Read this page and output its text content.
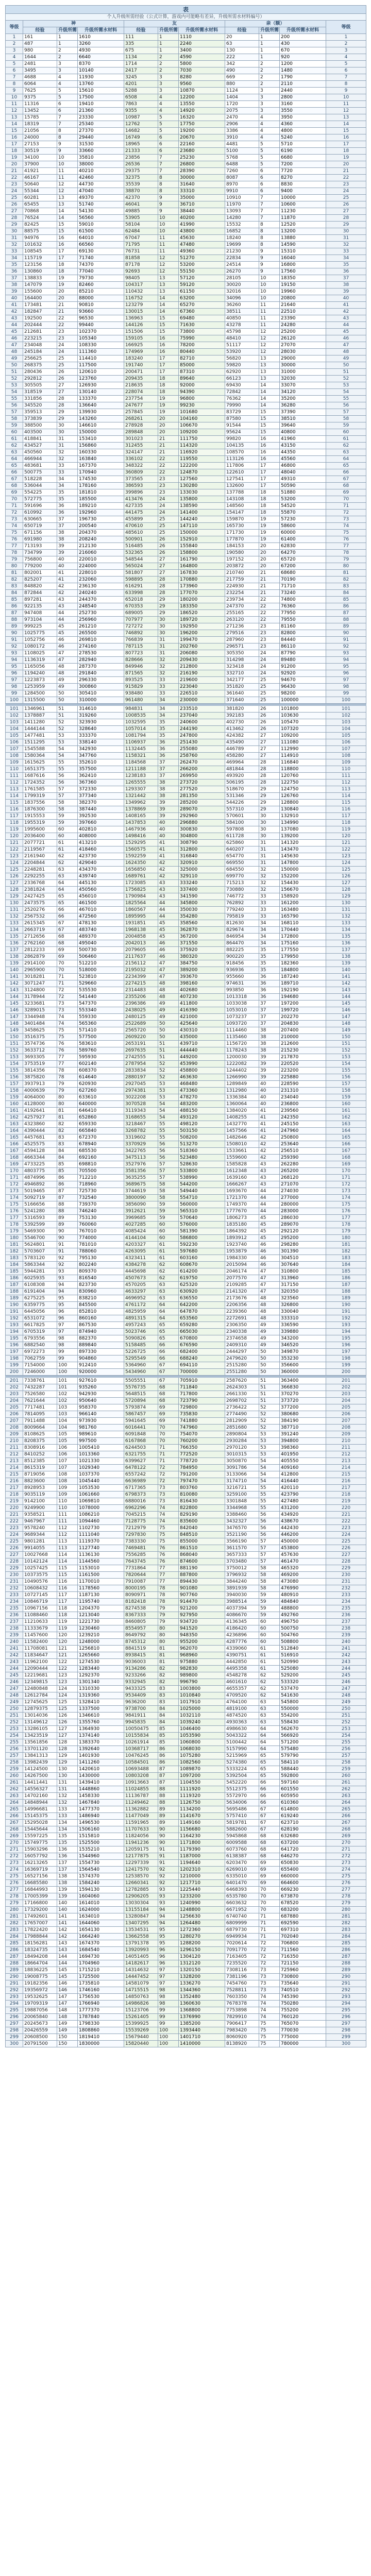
表										
个人升级所需经验（公式计算，游戏内可能略有差异，升级所需水材料编号）										
等级	神			友			亲（额）			等级
	经验	升级所需	升级所需水材料	经验	升级所需	升级所需水材料	经验	升级所需	升级所需水材料	
1	161	1	1610	111	1	1110	20	1	200	1
2	487	1	3260	335	1	2240	63	1	430	2
3	980	2	4930	675	1	3400	130	1	670	3
4	1644	2	6640	1134	2	4590	222	1	920	4
5	2481	3	8370	1714	2	5800	342	2	1200	5
6	3495	3	10140	2417	2	7030	490	2	1480	6
7	4688	4	11930	3245	3	8280	669	2	1790	7
8	6064	4	13760	4201	3	9560	880	2	2110	8
9	7625	5	15610	5288	3	10870	1124	3	2440	9
10	9375	5	17500	6508	4	12200	1404	3	2800	10
11	11316	6	19410	7863	4	13550	1720	3	3160	11
12	13452	6	21360	9355	4	14920	2075	3	3550	12
13	15785	7	23330	10987	5	16320	2470	4	3950	13
14	18319	7	25340	12762	5	17750	2906	4	4360	14
15	21056	8	27370	14682	5	19200	3386	4	4800	15
16	24000	8	29440	16749	6	20670	3910	4	5240	16
17	27153	9	31530	18965	6	22160	4481	5	5710	17
18	30519	9	33660	21333	6	23680	5100	5	6190	18
19	34100	10	35810	23856	7	25230	5768	5	6680	19
20	37900	10	38000	26536	7	26800	6488	5	7200	20
21	41921	11	40210	29375	7	28390	7260	6	7720	21
22	46167	11	42460	32375	8	30000	8087	6	8270	22
23	50640	12	44730	35539	8	31640	8970	6	8830	23
24	55344	12	47040	38870	8	33310	9910	6	9400	24
25	60281	13	49370	42370	9	35000	10910	7	10000	25
26	65455	13	51740	46041	9	36710	11970	7	10600	26
27	70868	14	54130	49885	9	38440	13093	7	11230	27
28	76524	14	56560	53905	10	40200	14280	7	11870	28
29	82425	15	59010	58104	10	41990	15532	8	12520	29
30	88575	15	61500	62484	10	43800	16852	8	13200	30
31	94976	16	64010	67047	11	45630	18240	8	13880	31
32	101632	16	66560	71795	11	47480	19699	8	14590	32
33	108545	17	69130	76731	11	49360	21230	9	15310	33
34	115719	17	71740	81858	12	51270	22834	9	16040	34
35	123156	18	74370	87178	12	53200	24514	9	16800	35
36	130860	18	77040	92693	12	55150	26270	9	17560	36
37	138833	19	79730	98405	13	57120	28105	10	18350	37
38	147079	19	82460	104317	13	59120	30020	10	19150	38
39	155600	20	85210	110432	13	61150	32016	10	19960	39
40	164400	20	88000	116752	14	63200	34096	10	20800	40
41	173481	21	90810	123279	14	65270	36260	11	21640	41
42	182847	21	93660	130015	14	67360	38511	11	22510	42
43	192500	22	96530	136963	15	69480	40850	11	23390	43
44	202444	22	99440	144126	15	71630	43278	11	24280	44
45	212681	23	102370	151506	15	73800	45798	12	25200	45
46	223215	23	105340	159105	16	75990	48410	12	26120	46
47	234048	24	108330	166925	16	78200	51117	12	27070	47
48	245184	24	111360	174969	16	80440	53920	12	28030	48
49	256625	25	114410	183240	17	82710	56820	13	29000	49
50	268375	25	117500	191740	17	85000	59820	13	30000	50
51	280436	26	120610	200471	17	87310	62920	13	31000	51
52	292812	26	123760	209435	18	89640	66123	13	32030	52
53	305505	27	126930	218635	18	92000	69430	14	33070	53
54	318519	27	130140	228074	18	94390	72842	14	34120	54
55	331856	28	133370	237754	19	96800	76362	14	35200	55
56	345520	28	136640	247677	19	99230	79990	14	36280	56
57	359513	29	139930	257845	19	101680	83729	15	37390	57
58	373839	29	143260	268261	20	104160	87580	15	38510	58
59	388500	30	146610	278928	20	106670	91544	15	39640	59
60	403500	30	150000	289848	20	109200	95624	15	40800	60
61	418841	31	153410	301023	21	111750	99820	16	41960	61
62	434527	31	156860	312455	21	114320	104135	16	43150	62
63	450560	32	160330	324147	21	116920	108570	16	44350	63
64	466944	32	163840	336102	22	119550	113126	16	45560	64
65	483681	33	167370	348322	22	122200	117806	17	46800	65
66	500775	33	170940	360809	22	124870	122610	17	48040	66
67	518228	34	174530	373565	23	127560	127541	17	49310	67
68	536044	34	178160	386593	23	130280	132600	17	50590	68
69	554225	35	181810	399896	23	133030	137788	18	51880	69
70	572775	35	185500	413476	24	135800	143108	18	53200	70
71	591696	36	189210	427335	24	138590	148560	18	54520	71
72	610992	36	192960	441475	24	141400	154147	18	55870	72
73	630665	37	196730	455899	25	144240	159870	19	57230	73
74	650719	37	200540	470610	25	147110	165730	19	58600	74
75	671156	38	204370	485610	25	150000	171730	19	60000	75
76	691980	38	208240	500901	26	152910	177870	19	61400	76
77	713193	39	212130	516485	26	155840	184153	20	62830	77
78	734799	39	216060	532365	26	158800	190580	20	64270	78
79	756800	40	220010	548544	27	161790	197152	20	65720	79
80	779200	40	224000	565024	27	164800	203872	20	67200	80
81	802001	41	228010	581807	27	167830	210740	21	68680	81
82	825207	41	232060	598895	28	170880	217759	21	70190	82
83	848820	42	236130	616291	28	173960	224930	21	71710	83
84	872844	42	240240	633998	28	177070	232254	21	73240	84
85	897281	43	244370	652018	29	180200	239734	22	74800	85
86	922135	43	248540	670353	29	183350	247370	22	76360	86
87	947408	44	252730	689005	29	186520	255165	22	77950	87
88	973104	44	256960	707977	30	189720	263120	22	79550	88
89	999225	45	261210	727272	30	192950	271236	23	81160	89
90	1025775	45	265500	746892	30	196200	279516	23	82800	90
91	1052756	46	269810	766839	31	199470	287960	23	84440	91
92	1080172	46	274160	787115	31	202760	296571	23	86110	92
93	1108025	47	278530	807723	31	206080	305350	24	87790	93
94	1136319	47	282940	828666	32	209430	314298	24	89480	94
95	1165056	48	287370	849946	32	212800	323418	24	91200	95
96	1194240	48	291840	871565	32	216190	332710	24	92920	96
97	1223873	49	296330	893525	33	219600	342177	25	94670	97
98	1253959	49	300860	915829	33	223040	351820	25	96430	98
99	1284500	50	305410	938480	33	226510	361640	25	98200	99
100	1315500	50	310000	961480	34	230000	371640	25	100000	100

101	1346961	51	314610	984831	34	233510	381820	26	101800	101
102	1378887	51	319260	1008535	34	237040	392183	26	103630	102
103	1411280	52	323930	1032595	35	240600	402730	26	105470	103
104	1444144	52	328640	1057014	35	244190	413462	26	107320	104
105	1477481	53	333370	1081794	35	247800	424382	27	109200	105
106	1511295	53	338140	1106937	36	251430	435490	27	111080	106
107	1545588	54	342930	1132445	36	255080	446789	27	112990	107
108	1580364	54	347760	1158321	36	258760	458280	27	114910	108
109	1615625	55	352610	1184568	37	262470	469964	28	116840	109
110	1651375	55	357500	1211188	37	266200	481844	28	118800	110
111	1687616	56	362410	1238183	37	269950	493920	28	120760	111
112	1724352	56	367360	1265555	38	273720	506195	28	122750	112
113	1761585	57	372330	1293307	38	277520	518670	29	124750	113
114	1799319	57	377340	1321442	38	281350	531346	29	126760	114
115	1837556	58	382370	1349962	39	285200	544226	29	128800	115
116	1876300	58	387440	1378869	39	289070	557310	29	130840	116
117	1915553	59	392530	1408165	39	292960	570601	30	132910	117
118	1955319	59	397660	1437853	40	296880	584100	30	134990	118
119	1995600	60	402810	1467936	40	300830	597808	30	137080	119
120	2036400	60	408000	1498416	40	304800	611728	30	139200	120
121	2077721	61	413210	1529295	41	308790	625860	31	141320	121
122	2119567	61	418460	1560575	41	312800	640207	31	143470	122
123	2161940	62	423730	1592259	41	316840	654770	31	145630	123
124	2204844	62	429040	1624350	42	320910	669550	31	147800	124
125	2248281	63	434370	1656850	42	325000	684550	32	150000	125
126	2292255	63	439740	1689761	42	329110	699770	32	152200	126
127	2336768	64	445130	1723085	43	333240	715213	32	154430	127
128	2381824	64	450560	1756825	43	337400	730880	32	156670	128
129	2427425	65	456010	1790984	43	341590	746772	33	158920	129
130	2473575	65	461500	1825564	44	345800	762892	33	161200	130
131	2520276	66	467010	1860567	44	350030	779240	33	163480	131
132	2567532	66	472560	1895995	44	354280	795819	33	165790	132
133	2615345	67	478130	1931851	45	358560	812630	34	168110	133
134	2663719	67	483740	1968138	45	362870	829674	34	170440	134
135	2712656	68	489370	2004858	45	367200	846954	34	172800	135
136	2762160	68	495040	2042013	46	371550	864470	34	175160	136
137	2812233	69	500730	2079605	46	375920	882225	35	177550	137
138	2862879	69	506460	2117637	46	380320	900220	35	179950	138
139	2914100	70	512210	2156112	47	384750	918456	35	182360	139
140	2965900	70	518000	2195032	47	389200	936936	35	184800	140
141	3018281	71	523810	2234399	47	393670	955660	36	187240	141
142	3071247	71	529660	2274215	48	398160	974631	36	189710	142
143	3124800	72	535530	2314483	48	402680	993850	36	192190	143
144	3178944	72	541440	2355206	48	407230	1013318	36	194680	144
145	3233681	73	547370	2396386	49	411800	1033038	37	197200	145
146	3289015	73	553340	2438025	49	416390	1053010	37	199720	146
147	3344948	74	559330	2480125	49	421000	1073237	37	202270	147
148	3401484	74	565360	2522689	50	425640	1093720	37	204830	148
149	3458625	75	571410	2565720	50	430310	1114460	38	207400	149
150	3516375	75	577500	2609220	50	435000	1135460	38	210000	150
151	3574736	76	583610	2653191	51	439710	1156720	38	212600	151
152	3633712	76	589760	2697635	51	444440	1178243	38	215230	152
153	3693305	77	595930	2742555	51	449200	1200030	39	217870	153
154	3753519	77	602140	2787954	52	453990	1222082	39	220520	154
155	3814356	78	608370	2833834	52	458800	1244402	39	223200	155
156	3875820	78	614640	2880197	52	463630	1266990	39	225880	156
157	3937913	79	620930	2927045	53	468480	1289849	40	228590	157
158	4000639	79	627260	2974381	53	473360	1312980	40	231310	158
159	4064000	80	633610	3022208	53	478270	1336384	40	234040	159
160	4128000	80	640000	3070528	54	483200	1360064	40	236800	160
161	4192641	81	646410	3119343	54	488150	1384020	41	239560	161
162	4257927	81	652860	3168655	54	493120	1408255	41	242350	162
163	4323860	82	659330	3218467	55	498120	1432770	41	245150	163
164	4390444	82	665840	3268782	55	503150	1457566	41	247960	164
165	4457681	83	672370	3319602	55	508200	1482646	42	250800	165
166	4525575	83	678940	3370929	56	513270	1508010	42	253640	166
167	4594128	84	685530	3422765	56	518360	1533661	42	256510	167
168	4663344	84	692160	3475113	56	523480	1559600	42	259390	168
169	4733225	85	698810	3527976	57	528630	1585828	43	262280	169
170	4803775	85	705500	3581356	57	533800	1612348	43	265200	170
171	4874996	86	712210	3635255	57	538990	1639160	43	268120	171
172	4946892	86	718960	3689675	58	544200	1666267	43	271070	172
173	5019465	87	725730	3744619	58	549440	1693670	44	274030	173
174	5092719	87	732540	3800090	58	554710	1721370	44	277000	174
175	5166656	88	739370	3856090	59	560000	1749370	44	280000	175
176	5241280	88	746240	3912621	59	565310	1777670	44	283000	176
177	5316593	89	753130	3969685	59	570640	1806273	45	286030	177
178	5392599	89	760060	4027285	60	576000	1835180	45	289070	178
179	5469300	90	767010	4085424	60	581390	1864392	45	292120	179
180	5546700	90	774000	4144104	60	586800	1893912	45	295200	180
181	5624801	91	781010	4203327	61	592230	1923740	46	298280	181
182	5703607	91	788060	4263095	61	597680	1953879	46	301390	182
183	5783120	92	795130	4323411	61	603160	1984330	46	304510	183
184	5863344	92	802240	4384278	62	608670	2015094	46	307640	184
185	5944281	93	809370	4445698	62	614200	2046174	47	310800	185
186	6025935	93	816540	4507673	62	619750	2077570	47	313960	186
187	6108308	94	823730	4570205	63	625320	2109285	47	317150	187
188	6191404	94	830960	4633297	63	630920	2141320	47	320350	188
189	6275225	95	838210	4696952	63	636550	2173676	48	323560	189
190	6359775	95	845500	4761172	64	642200	2206356	48	326800	190
191	6445056	96	852810	4825959	64	647870	2239360	48	330040	191
192	6531072	96	860160	4891315	64	653560	2272691	48	333310	192
193	6617825	97	867530	4957243	65	659280	2306350	49	336590	193
194	6705319	97	874940	5023746	65	665030	2340338	49	339880	194
195	6793556	98	882370	5090826	65	670800	2374658	49	343200	195
196	6882540	98	889840	5158485	66	676590	2409310	49	346520	196
197	6972273	99	897330	5226725	66	682400	2444297	50	349870	197
198	7062759	99	904860	5295549	66	688240	2479620	50	353230	198
199	7154000	100	912410	5364960	67	694110	2515280	50	356600	199
200	7246000	100	920000	5434960	67	700000	2551280	50	360000	200

201	7338761	101	927610	5505551	67	705910	2587620	51	363400	201
202	7432287	101	935260	5576735	68	711840	2624303	51	366830	202
203	7526580	102	942930	5648515	68	717800	2661330	51	370270	203
204	7621644	102	950640	5720894	68	723790	2698702	51	373720	204
205	7717481	103	958370	5793874	69	729800	2736422	52	377200	205
206	7814095	103	966140	5867457	69	735830	2774490	52	380680	206
207	7911488	104	973930	5941645	69	741880	2812909	52	384190	207
208	8009664	104	981760	6016441	70	747960	2851680	52	387710	208
209	8108625	105	989610	6091848	70	754070	2890804	53	391240	209
210	8208375	105	997500	6167868	70	760200	2930284	53	394800	210
211	8308916	106	1005410	6244503	71	766350	2970120	53	398360	211
212	8410252	106	1013360	6321755	71	772520	3010315	53	401950	212
213	8512385	107	1021330	6399627	71	778720	3050870	54	405550	213
214	8615319	107	1029340	6478122	72	784950	3091786	54	409160	214
215	8719056	108	1037370	6557242	72	791200	3133066	54	412800	215
216	8823600	108	1045440	6636989	72	797470	3174710	54	416440	216
217	8928953	109	1053530	6717365	73	803760	3216721	55	420110	217
218	9035119	109	1061660	6798373	73	810080	3259100	55	423790	218
219	9142100	110	1069810	6880016	73	816430	3301848	55	427480	219
220	9249900	110	1078000	6962296	74	822800	3344968	55	431200	220
221	9358521	111	1086210	7045215	74	829190	3388460	56	434920	221
222	9467967	111	1094460	7128775	74	835600	3432327	56	438670	222
223	9578240	112	1102730	7212979	75	842040	3476570	56	442430	223
224	9689344	112	1111040	7297830	75	848510	3521190	56	446200	224
225	9801281	113	1119370	7383330	75	855000	3566190	57	450000	225
226	9914055	113	1127740	7469481	76	861510	3611570	57	453800	226
227	10027668	114	1136130	7556285	76	868040	3657333	57	457630	227
228	10142124	114	1144560	7643745	76	874600	3703480	57	461470	228
229	10257425	115	1153010	7731864	77	881190	3750012	58	465320	229
230	10373575	115	1161500	7820644	77	887800	3796932	58	469200	230
231	10490576	116	1170010	7910087	77	894430	3844240	58	473080	231
232	10608432	116	1178560	8000195	78	901080	3891939	58	476990	232
233	10727145	117	1187130	8090971	78	907760	3940030	59	480910	233
234	10846719	117	1195740	8182418	78	914470	3988514	59	484840	234
235	10967156	118	1204370	8274538	79	921200	4037394	59	488800	235
236	11088460	118	1213040	8367333	79	927950	4086670	59	492760	236
237	11210633	119	1221730	8460805	79	934720	4136345	60	496750	237
238	11333679	119	1230460	8554957	80	941520	4186420	60	500750	238
239	11457600	120	1239210	8649792	80	948350	4236896	60	504760	239
240	11582400	120	1248000	8745312	80	955200	4287776	60	508800	240
241	11708081	121	1256810	8841519	81	962070	4339060	61	512840	241
242	11834647	121	1265660	8938415	81	968960	4390751	61	516910	242
243	11962100	122	1274530	9036003	81	975880	4442850	61	520990	243
244	12090444	122	1283440	9134286	82	982830	4495358	61	525080	244
245	12219681	123	1292370	9233266	82	989800	4548278	62	529200	245
246	12349815	123	1301340	9332945	82	996790	4601610	62	533320	246
247	12480848	124	1310330	9433325	83	1003800	4655357	62	537470	247
248	12612784	124	1319360	9534409	83	1010840	4709520	62	541630	248
249	12745625	125	1328410	9636200	83	1017910	4764100	63	545800	249
250	12879375	125	1337500	9738700	84	1025000	4819100	63	550000	250
251	13014036	126	1346610	9841911	84	1032110	4874520	63	554200	251
252	13149612	126	1355760	9945835	84	1039240	4930363	63	558430	252
253	13286105	127	1364930	10050475	85	1046400	4986630	64	562670	253
254	13423519	127	1374140	10155834	85	1053590	5043322	64	566920	254
255	13561856	128	1383370	10261914	85	1060800	5100442	64	571200	255
256	13701120	128	1392640	10368717	86	1068030	5157990	64	575480	256
257	13841313	129	1401930	10476245	86	1075280	5215969	65	579790	257
258	13982439	129	1411260	10584501	86	1082560	5274380	65	584110	258
259	14124500	130	1420610	10693488	87	1089870	5333224	65	588440	259
260	14267500	130	1430000	10803208	87	1097200	5392504	65	592800	260
261	14411441	131	1439410	10913663	87	1104550	5452220	66	597160	261
262	14556327	131	1448860	11024855	88	1111920	5512375	66	601550	262
263	14702160	132	1458330	11136787	88	1119320	5572970	66	605950	263
264	14848944	132	1467840	11249462	88	1126750	5634006	66	610360	264
265	14996681	133	1477370	11362882	89	1134200	5695486	67	614800	265
266	15145375	133	1486940	11477049	89	1141670	5757410	67	619240	266
267	15295028	134	1496530	11591965	89	1149160	5819781	67	623710	267
268	15445644	134	1506160	11707633	90	1156680	5882600	67	628190	268
269	15597225	135	1515810	11824056	90	1164230	5945868	68	632680	269
270	15749775	135	1525500	11941236	90	1171800	6009588	68	637200	270
271	15903296	136	1535210	12059175	91	1179390	6073760	68	641720	271
272	16057792	136	1544960	12177875	91	1187000	6138387	68	646270	272
273	16213265	137	1554730	12297339	91	1194640	6203470	69	650830	273
274	16369719	137	1564540	12417570	92	1202310	6269010	69	655400	274
275	16527156	138	1574370	12538570	92	1210000	6335010	69	660000	275
276	16685580	138	1584240	12660341	92	1217710	6401470	69	664600	276
277	16844993	139	1594130	12782885	93	1225440	6468393	70	669230	277
278	17005399	139	1604060	12906205	93	1233200	6535780	70	673870	278
279	17166800	140	1614010	13030304	93	1240990	6603632	70	678520	279
280	17329200	140	1624000	13155184	94	1248800	6671952	70	683200	280
281	17492601	141	1634010	13280847	94	1256630	6740740	71	687880	281
282	17657007	141	1644060	13407295	94	1264480	6809999	71	692590	282
283	17822420	142	1654130	13534531	95	1272360	6879730	71	697310	283
284	17988844	142	1664240	13662558	95	1280270	6949934	71	702040	284
285	18156281	143	1674370	13791378	95	1288200	7020614	72	706800	285
286	18324735	143	1684540	13920993	96	1296150	7091770	72	711560	286
287	18494208	144	1694730	14051405	96	1304120	7163405	72	716350	287
288	18664704	144	1704960	14182617	96	1312120	7235520	72	721150	288
289	18836225	145	1715210	14314632	97	1320150	7308116	73	725960	289
290	19008775	145	1725500	14447452	97	1328200	7381196	73	730800	290
291	19182356	146	1735810	14581079	97	1336270	7454760	73	735640	291
292	19356972	146	1746160	14715515	98	1344360	7528811	73	740510	292
293	19532625	147	1756530	14850763	98	1352480	7603350	74	745390	293
294	19709319	147	1766940	14986826	98	1360630	7678378	74	750280	294
295	19887056	148	1777370	15123706	99	1368800	7753898	74	755200	295
296	20065840	148	1787840	15261405	99	1376990	7829910	74	760120	296
297	20245673	149	1798330	15399925	99	1385200	7906417	75	765070	297
298	20426559	149	1808860	15539269	100	1393440	7983420	75	770030	298
299	20608500	150	1819410	15679440	100	1401710	8060920	75	775000	299
300	20791500	150	1830000	15820440	100	1410000	8138920	75	780000	300
